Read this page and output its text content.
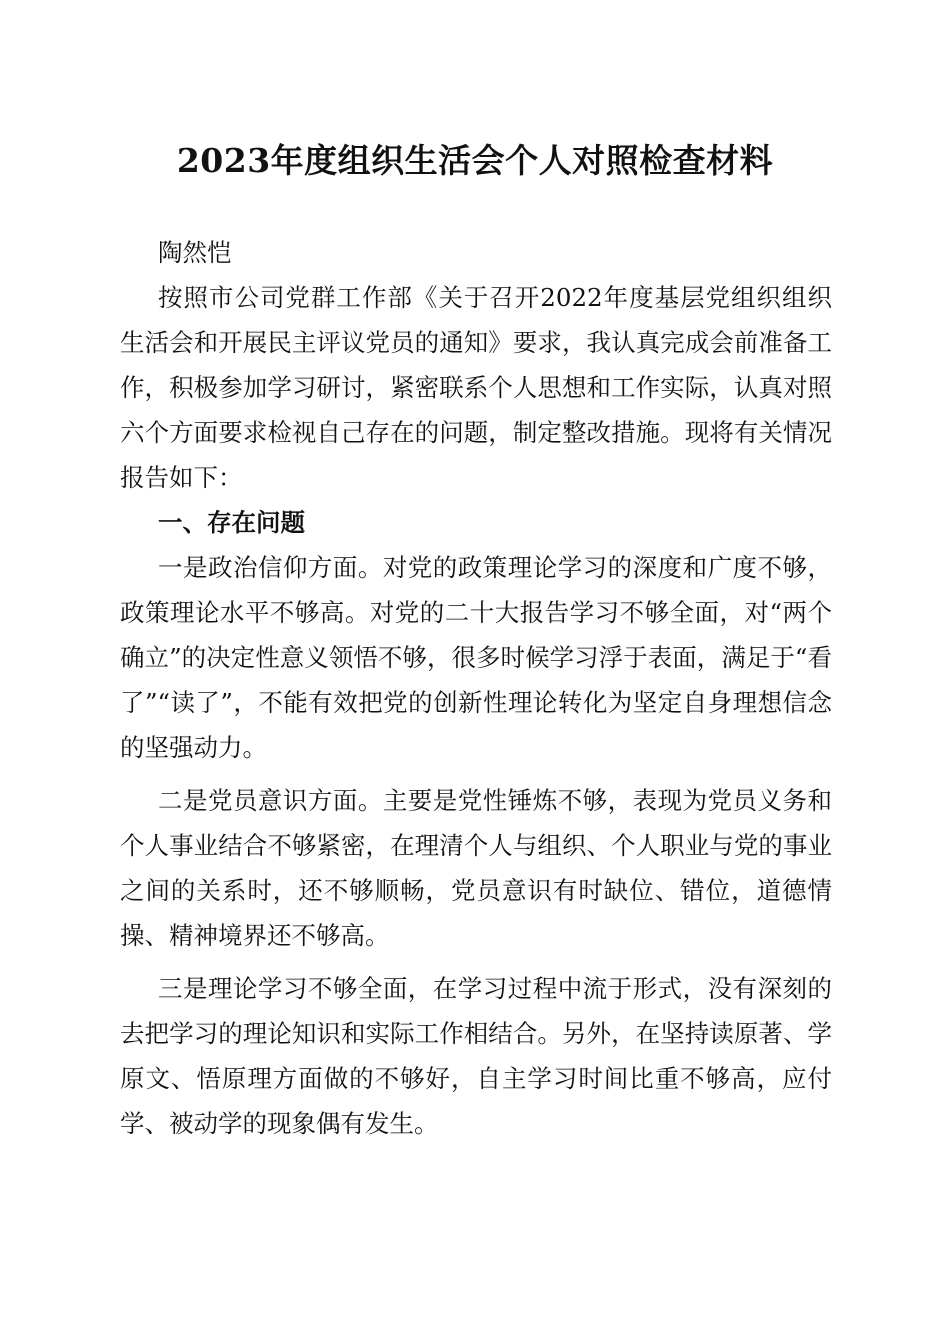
2023年度组织生活会个人对照检查材料

陶然恺

按照市公司党群工作部《关于召开2022年度基层党组织组织生活会和开展民主评议党员的通知》要求，我认真完成会前准备工作，积极参加学习研讨，紧密联系个人思想和工作实际，认真对照六个方面要求检视自己存在的问题，制定整改措施。现将有关情况报告如下：

一、存在问题

一是政治信仰方面。对党的政策理论学习的深度和广度不够，政策理论水平不够高。对党的二十大报告学习不够全面，对“两个确立”的决定性意义领悟不够，很多时候学习浮于表面，满足于“看了”“读了”，不能有效把党的创新性理论转化为坚定自身理想信念的坚强动力。

二是党员意识方面。主要是党性锤炼不够，表现为党员义务和个人事业结合不够紧密，在理清个人与组织、个人职业与党的事业之间的关系时，还不够顺畅，党员意识有时缺位、错位，道德情操、精神境界还不够高。

三是理论学习不够全面，在学习过程中流于形式，没有深刻的去把学习的理论知识和实际工作相结合。另外，在坚持读原著、学原文、悟原理方面做的不够好，自主学习时间比重不够高，应付学、被动学的现象偶有发生。
